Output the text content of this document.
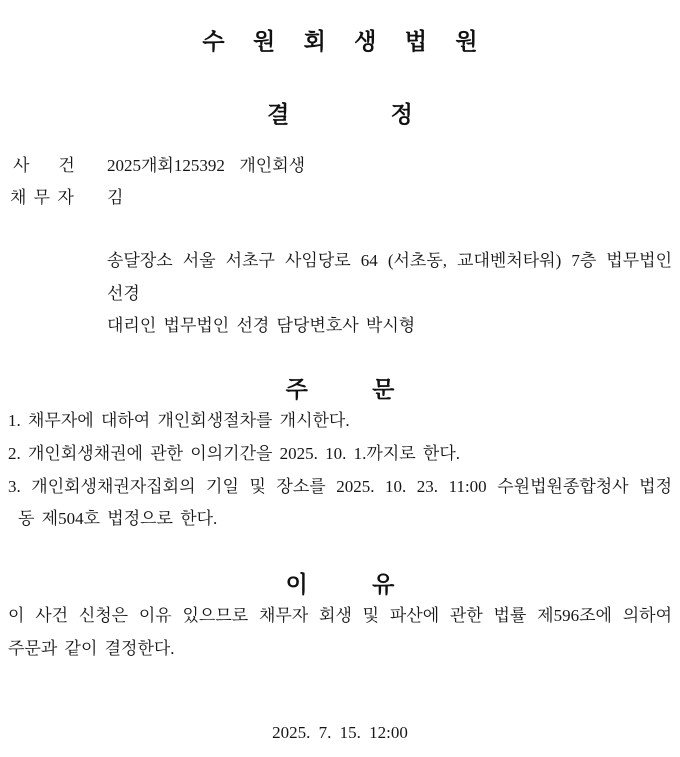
수 원 회 생 법 원
결 정
사    건 2025개회125392  개인회생
채 무 자 김
송달장소 서울 서초구 사임당로 64 (서초동, 교대벤처타워) 7층 법무법인
선경
대리인 법무법인 선경 담당변호사 박시형
주 문
1. 채무자에 대하여 개인회생절차를 개시한다.
2. 개인회생채권에 관한 이의기간을 2025. 10. 1.까지로 한다.
3. 개인회생채권자집회의 기일 및 장소를 2025. 10. 23. 11:00 수원법원종합청사 법정
동 제504호 법정으로 한다.
이 유
이 사건 신청은 이유 있으므로 채무자 회생 및 파산에 관한 법률 제596조에 의하여
주문과 같이 결정한다.
2025. 7. 15. 12:00
